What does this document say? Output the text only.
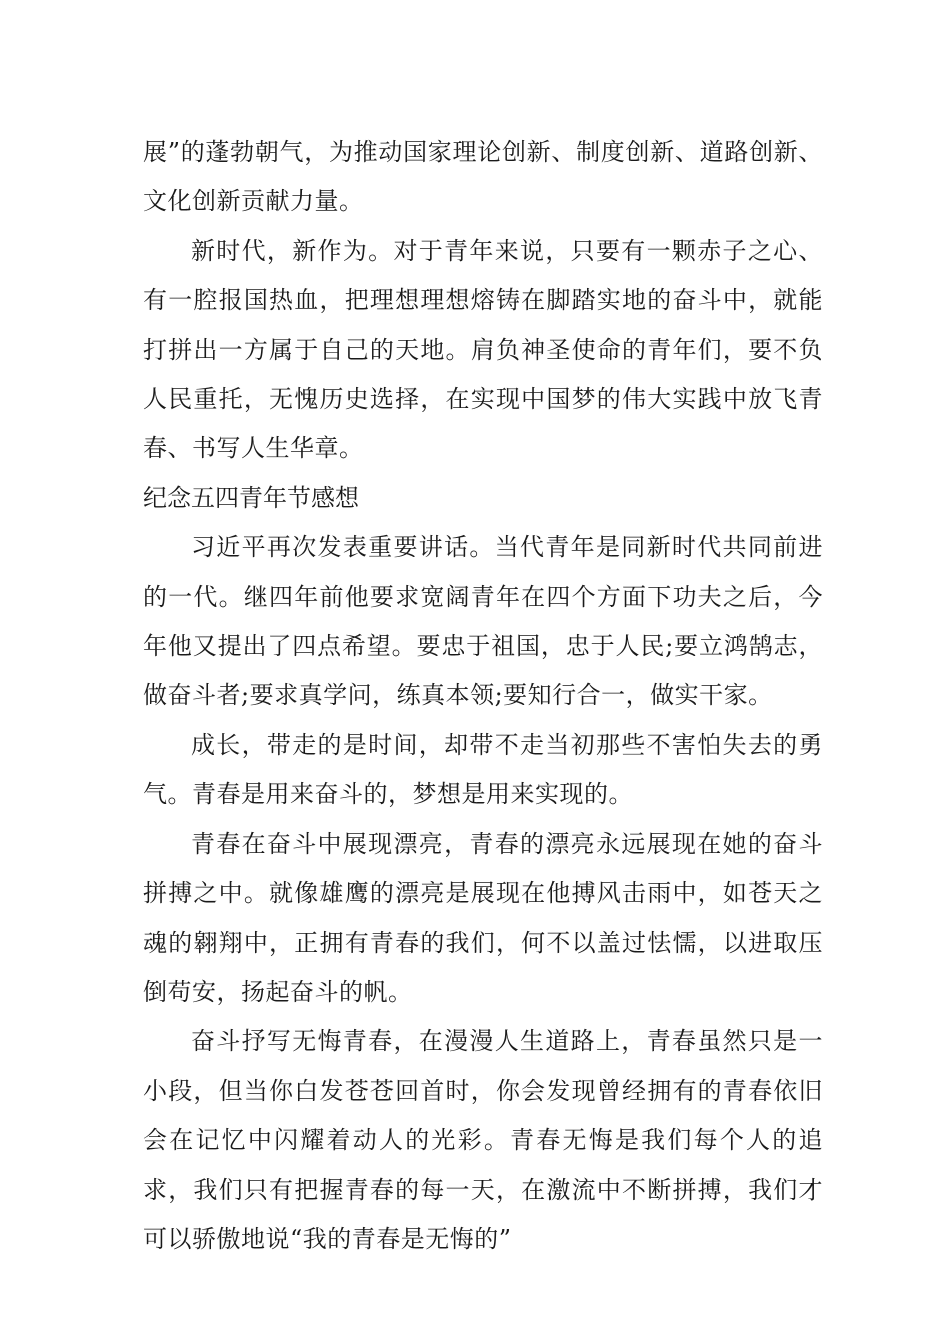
展”的蓬勃朝气，为推动国家理论创新、制度创新、道路创新、文化创新贡献力量。

新时代，新作为。对于青年来说，只要有一颗赤子之心、有一腔报国热血，把理想理想熔铸在脚踏实地的奋斗中，就能打拼出一方属于自己的天地。肩负神圣使命的青年们，要不负人民重托，无愧历史选择，在实现中国梦的伟大实践中放飞青春、书写人生华章。

纪念五四青年节感想

习近平再次发表重要讲话。当代青年是同新时代共同前进的一代。继四年前他要求宽阔青年在四个方面下功夫之后，今年他又提出了四点希望。要忠于祖国，忠于人民;要立鸿鹄志，做奋斗者;要求真学问，练真本领;要知行合一，做实干家。

成长，带走的是时间，却带不走当初那些不害怕失去的勇气。青春是用来奋斗的，梦想是用来实现的。

青春在奋斗中展现漂亮，青春的漂亮永远展现在她的奋斗拼搏之中。就像雄鹰的漂亮是展现在他搏风击雨中，如苍天之魂的翱翔中，正拥有青春的我们，何不以盖过怯懦，以进取压倒苟安，扬起奋斗的帆。

奋斗抒写无悔青春，在漫漫人生道路上，青春虽然只是一小段，但当你白发苍苍回首时，你会发现曾经拥有的青春依旧会在记忆中闪耀着动人的光彩。青春无悔是我们每个人的追求，我们只有把握青春的每一天，在激流中不断拼搏，我们才可以骄傲地说“我的青春是无悔的”
